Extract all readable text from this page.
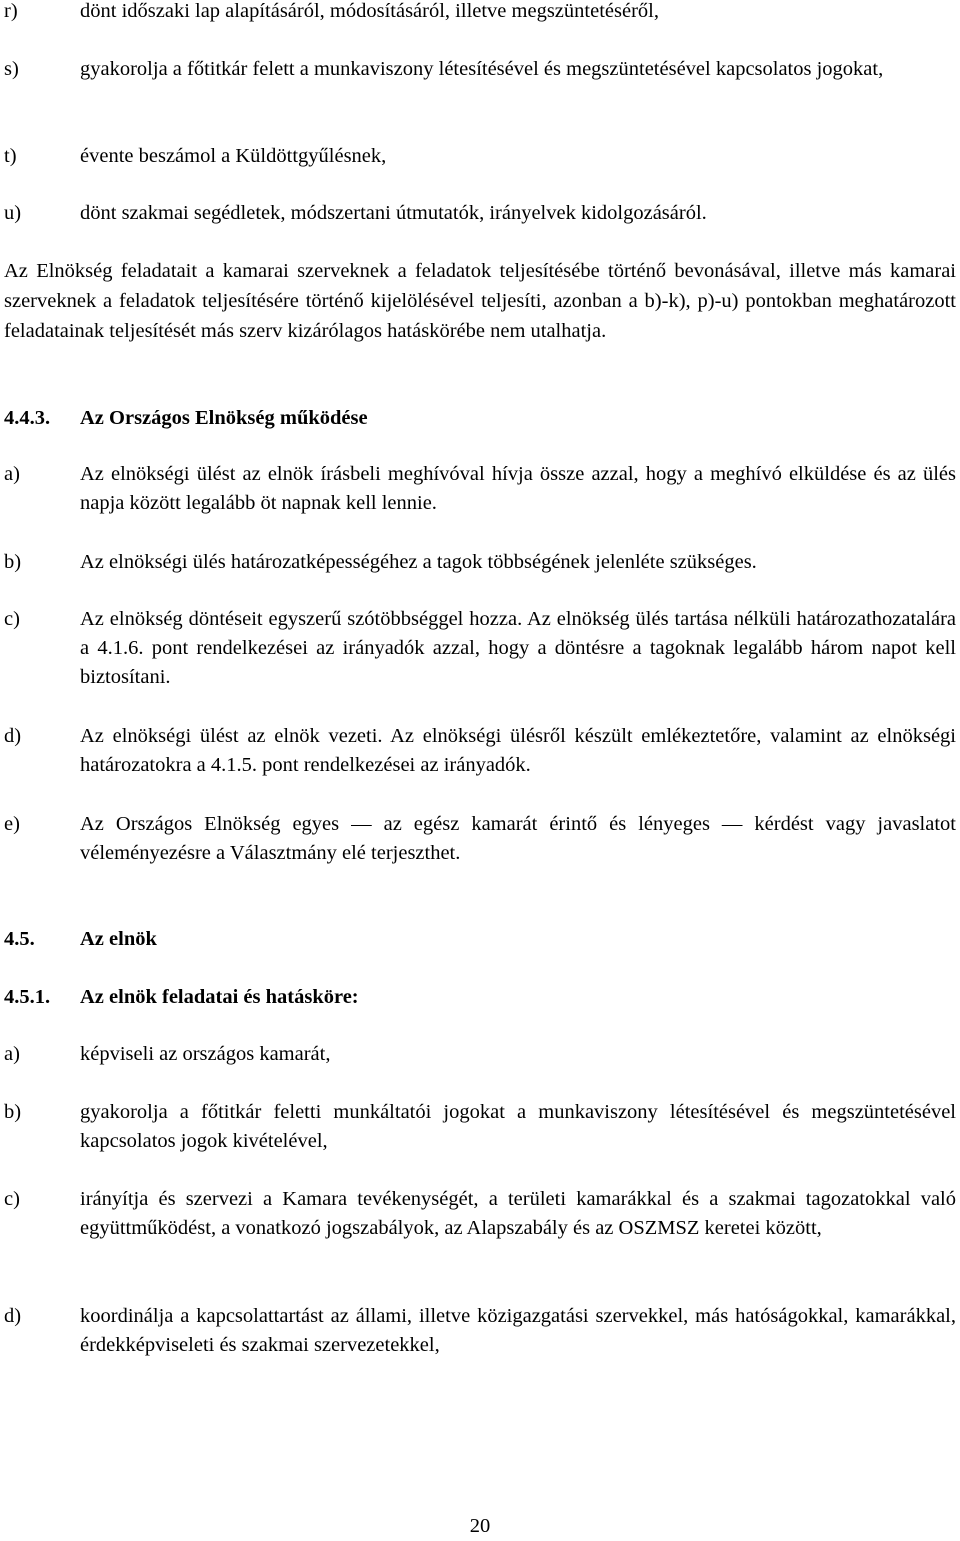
r)	dönt időszaki lap alapításáról, módosításáról, illetve megszüntetéséről,
s)	gyakorolja a főtitkár felett a munkaviszony létesítésével és megszüntetésével kapcsolatos jogokat,
t)	évente beszámol a Küldöttgyűlésnek,
u)	dönt szakmai segédletek, módszertani útmutatók, irányelvek kidolgozásáról.
Az Elnökség feladatait a kamarai szerveknek a feladatok teljesítésébe történő bevonásával, illetve más kamarai szerveknek a feladatok teljesítésére történő kijelölésével teljesíti, azonban a b)-k), p)-u) pontokban meghatározott feladatainak teljesítését más szerv kizárólagos hatáskörébe nem utalhatja.
4.4.3. Az Országos Elnökség működése
a)	Az elnökségi ülést az elnök írásbeli meghívóval hívja össze azzal, hogy a meghívó elküldése és az ülés napja között legalább öt napnak kell lennie.
b)	Az elnökségi ülés határozatképességéhez a tagok többségének jelenléte szükséges.
c)	Az elnökség döntéseit egyszerű szótöbbséggel hozza. Az elnökség ülés tartása nélküli határozathozatalára a 4.1.6. pont rendelkezései az irányadók azzal, hogy a döntésre a tagoknak legalább három napot kell biztosítani.
d)	Az elnökségi ülést az elnök vezeti. Az elnökségi ülésről készült emlékeztetőre, valamint az elnökségi határozatokra a 4.1.5. pont rendelkezései az irányadók.
e)	Az Országos Elnökség egyes ― az egész kamarát érintő és lényeges ― kérdést vagy javaslatot véleményezésre a Választmány elé terjeszthet.
4.5. Az elnök
4.5.1. Az elnök feladatai és hatásköre:
a)	képviseli az országos kamarát,
b)	gyakorolja a főtitkár feletti munkáltatói jogokat a munkaviszony létesítésével és megszüntetésével kapcsolatos jogok kivételével,
c)	irányítja és szervezi a Kamara tevékenységét, a területi kamarákkal és a szakmai tagozatokkal való együttműködést, a vonatkozó jogszabályok, az Alapszabály és az OSZMSZ keretei között,
d)	koordinálja a kapcsolattartást az állami, illetve közigazgatási szervekkel, más hatóságokkal, kamarákkal, érdekképviseleti és szakmai szervezetekkel,
20
